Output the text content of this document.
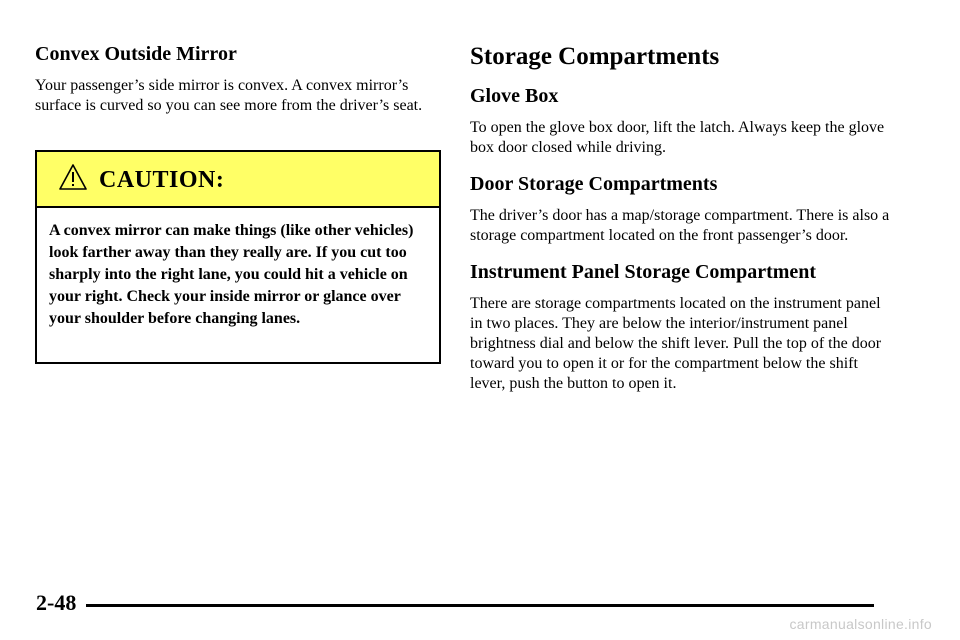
Convex Outside Mirror

Your passenger’s side mirror is convex. A convex mirror’s surface is curved so you can see more from the driver’s seat.

CAUTION:
A convex mirror can make things (like other vehicles) look farther away than they really are. If you cut too sharply into the right lane, you could hit a vehicle on your right. Check your inside mirror or glance over your shoulder before changing lanes.
Storage Compartments
Glove Box

To open the glove box door, lift the latch. Always keep the glove box door closed while driving.

Door Storage Compartments

The driver’s door has a map/storage compartment. There is also a storage compartment located on the front passenger’s door.

Instrument Panel Storage Compartment

There are storage compartments located on the instrument panel in two places. They are below the interior/instrument panel brightness dial and below the shift lever. Pull the top of the door toward you to open it or for the compartment below the shift lever, push the button to open it.

2-48
carmanualsonline.info
